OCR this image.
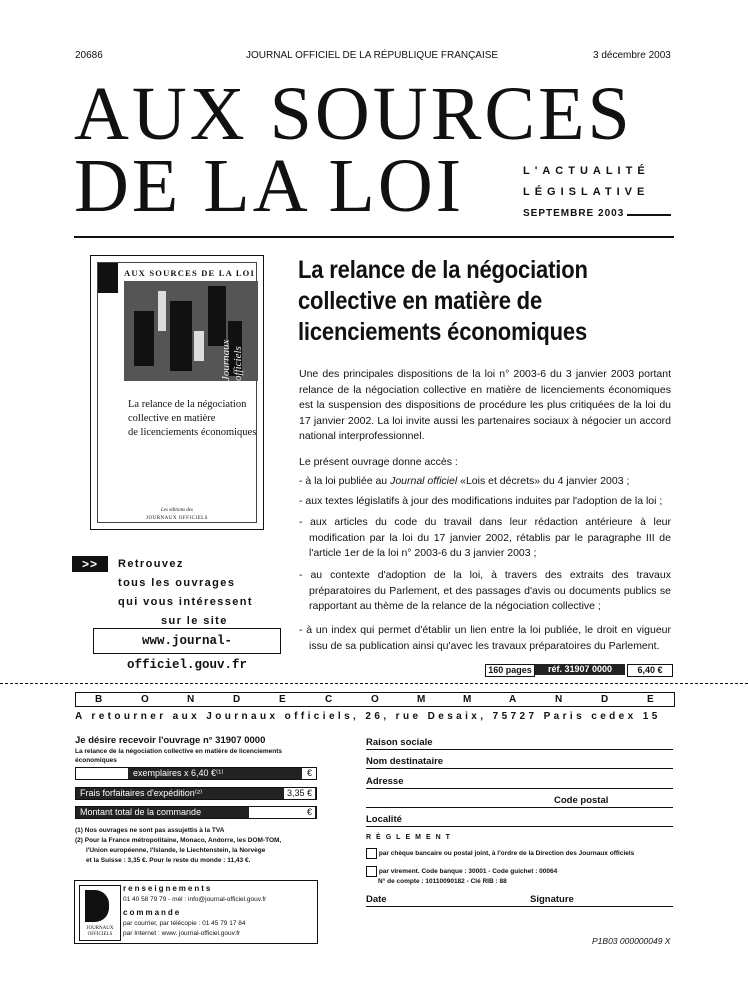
20686	JOURNAL OFFICIEL DE LA RÉPUBLIQUE FRANÇAISE	3 décembre 2003
AUX SOURCES
DE LA LOI	L'ACTUALITÉ
LÉGISLATIVE
SEPTEMBRE 2003
AUX SOURCES DE LA LOI
Journaux officiels
La relance de la négociation
collective en matière
de licenciements économiques
Les éditions des
JOURNAUX OFFICIELS
>>	Retrouvez
tous les ouvrages
qui vous intéressent
sur le site
www.journal-officiel.gouv.fr
La relance de la négociation
collective en matière de
licenciements économiques
Une des principales dispositions de la loi n° 2003-6 du 3 janvier 2003 portant relance de la négociation collective en matière de licenciements économiques est la suspension des dispositions de procédure les plus critiquées de la loi du 17 janvier 2002. La loi invite aussi les partenaires sociaux à négocier un accord national interprofessionnel.
Le présent ouvrage donne accès :
- à la loi publiée au Journal officiel «Lois et décrets» du 4 janvier 2003 ;
- aux textes législatifs à jour des modifications induites par l'adoption de la loi ;
- aux articles du code du travail dans leur rédaction antérieure à leur modification par la loi du 17 janvier 2002, rétablis par le paragraphe III de l'article 1er de la loi n° 2003-6 du 3 janvier 2003 ;
- au contexte d'adoption de la loi, à travers des extraits des travaux préparatoires du Parlement, et des passages d'avis ou documents publics se rapportant au thème de la relance de la négociation collective ;
- à un index qui permet d'établir un lien entre la loi publiée, le droit en vigueur issu de sa publication ainsi qu'avec les travaux préparatoires du Parlement.
160 pages	réf. 31907 0000	6,40 €
B	O	N	D	E	C	O	M	M	A	N	D	E
A retourner aux Journaux officiels, 26, rue Desaix, 75727 Paris cedex 15
Je désire recevoir l'ouvrage n° 31907 0000
La relance de la négociation collective en matière de licenciements économiques
exemplaires x 6,40 €⁽¹⁾	€
Frais forfaitaires d'expédition⁽²⁾	3,35 €
Montant total de la commande	€
(1) Nos ouvrages ne sont pas assujettis à la TVA
(2) Pour la France métropolitaine, Monaco, Andorre, les DOM-TOM,
l'Union européenne, l'Islande, le Liechtenstein, la Norvège
et la Suisse : 3,35 €. Pour le reste du monde : 11,43 €.
Raison sociale
Nom destinataire
Adresse
Code postal
Localité
RÈGLEMENT
par chèque bancaire ou postal joint, à l'ordre de la Direction des Journaux officiels
par virement. Code banque : 30001 - Code guichet : 00064
N° de compte : 10110090182 - Clé RIB : 88
Date	Signature
P1B03 000000049 X
JOURNAUX
OFFICIELS
renseignements
01 40 58 79 79 - mél : info@journal-officiel.gouv.fr
commande
par courrier, par télécopie : 01 45 79 17 84
par Internet : www. journal-officiel.gouv.fr
